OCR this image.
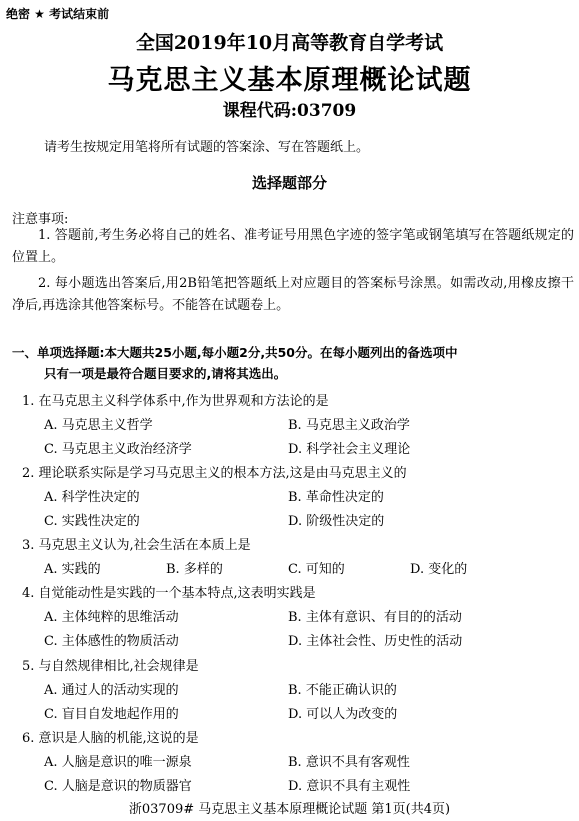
绝密 ★ 考试结束前
全国2019年10月高等教育自学考试
马克思主义基本原理概论试题
课程代码:03709
请考生按规定用笔将所有试题的答案涂、写在答题纸上。
选择题部分
注意事项:
1. 答题前,考生务必将自己的姓名、准考证号用黑色字迹的签字笔或钢笔填写在答题纸规定的位置上。
2. 每小题选出答案后,用2B铅笔把答题纸上对应题目的答案标号涂黑。如需改动,用橡皮擦干净后,再选涂其他答案标号。不能答在试题卷上。
一、单项选择题:本大题共25小题,每小题2分,共50分。在每小题列出的备选项中
只有一项是最符合题目要求的,请将其选出。
1. 在马克思主义科学体系中,作为世界观和方法论的是
A. 马克思主义哲学	B. 马克思主义政治学
C. 马克思主义政治经济学	D. 科学社会主义理论
2. 理论联系实际是学习马克思主义的根本方法,这是由马克思主义的
A. 科学性决定的	B. 革命性决定的
C. 实践性决定的	D. 阶级性决定的
3. 马克思主义认为,社会生活在本质上是
A. 实践的	B. 多样的	C. 可知的	D. 变化的
4. 自觉能动性是实践的一个基本特点,这表明实践是
A. 主体纯粹的思维活动	B. 主体有意识、有目的的活动
C. 主体感性的物质活动	D. 主体社会性、历史性的活动
5. 与自然规律相比,社会规律是
A. 通过人的活动实现的	B. 不能正确认识的
C. 盲目自发地起作用的	D. 可以人为改变的
6. 意识是人脑的机能,这说的是
A. 人脑是意识的唯一源泉	B. 意识不具有客观性
C. 人脑是意识的物质器官	D. 意识不具有主观性
浙03709# 马克思主义基本原理概论试题 第1页(共4页)
